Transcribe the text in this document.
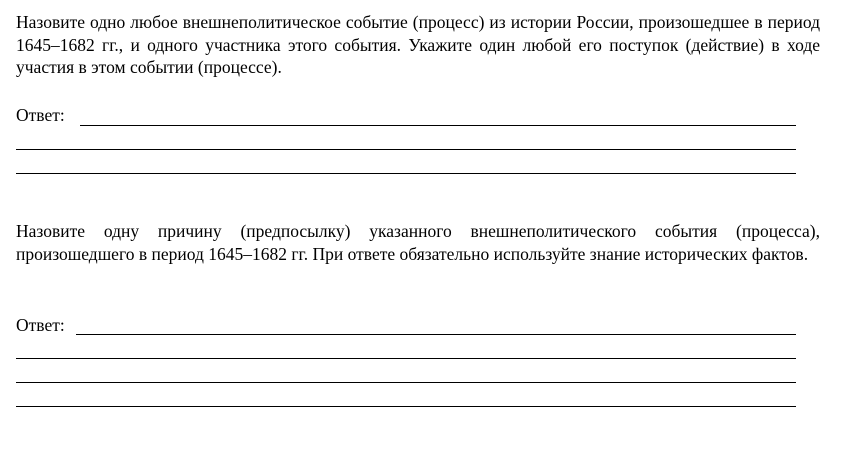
Назовите одно любое внешнеполитическое событие (процесс) из истории России, произошедшее в период 1645–1682 гг., и одного участника этого события. Укажите один любой его поступок (действие) в ходе участия в этом событии (процессе).

Ответ:

Назовите одну причину (предпосылку) указанного внешнеполитического события (процесса), произошедшего в период 1645–1682 гг. При ответе обязательно используйте знание исторических фактов.

Ответ:
